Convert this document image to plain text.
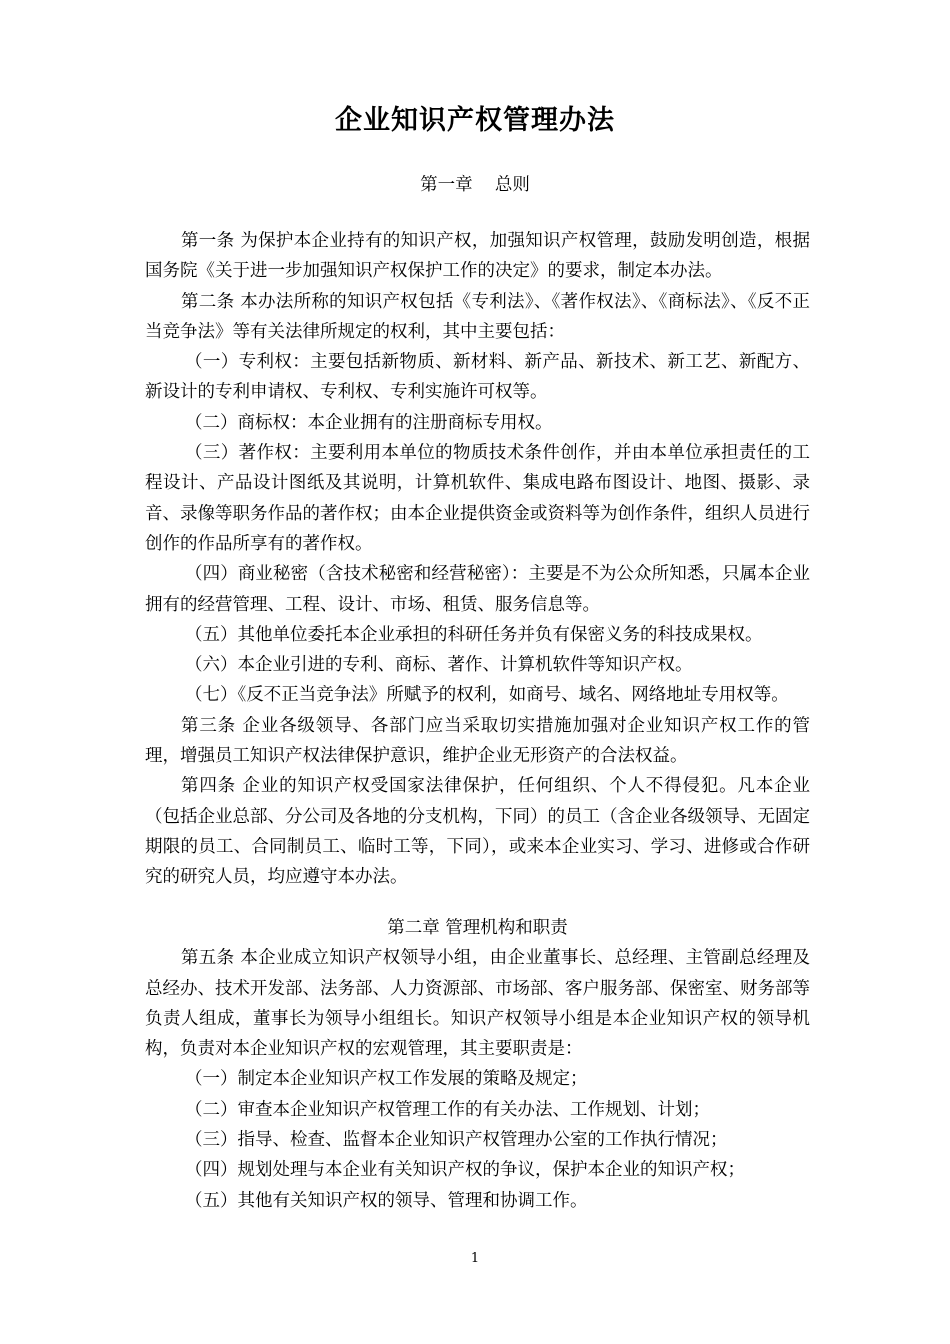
企业知识产权管理办法
第一章    总则

第一条 为保护本企业持有的知识产权，加强知识产权管理，鼓励发明创造，根据国务院《关于进一步加强知识产权保护工作的决定》的要求，制定本办法。

第二条 本办法所称的知识产权包括《专利法》、《著作权法》、《商标法》、《反不正当竞争法》等有关法律所规定的权利，其中主要包括：

（一）专利权：主要包括新物质、新材料、新产品、新技术、新工艺、新配方、新设计的专利申请权、专利权、专利实施许可权等。

（二）商标权：本企业拥有的注册商标专用权。

（三）著作权：主要利用本单位的物质技术条件创作，并由本单位承担责任的工程设计、产品设计图纸及其说明，计算机软件、集成电路布图设计、地图、摄影、录音、录像等职务作品的著作权；由本企业提供资金或资料等为创作条件，组织人员进行创作的作品所享有的著作权。

（四）商业秘密（含技术秘密和经营秘密）：主要是不为公众所知悉，只属本企业拥有的经营管理、工程、设计、市场、租赁、服务信息等。

（五）其他单位委托本企业承担的科研任务并负有保密义务的科技成果权。

（六）本企业引进的专利、商标、著作、计算机软件等知识产权。

（七）《反不正当竞争法》所赋予的权利，如商号、域名、网络地址专用权等。

第三条 企业各级领导、各部门应当采取切实措施加强对企业知识产权工作的管理，增强员工知识产权法律保护意识，维护企业无形资产的合法权益。

第四条 企业的知识产权受国家法律保护，任何组织、个人不得侵犯。凡本企业（包括企业总部、分公司及各地的分支机构，下同）的员工（含企业各级领导、无固定期限的员工、合同制员工、临时工等，下同），或来本企业实习、学习、进修或合作研究的研究人员，均应遵守本办法。

第二章 管理机构和职责

第五条 本企业成立知识产权领导小组，由企业董事长、总经理、主管副总经理及总经办、技术开发部、法务部、人力资源部、市场部、客户服务部、保密室、财务部等负责人组成，董事长为领导小组组长。知识产权领导小组是本企业知识产权的领导机构，负责对本企业知识产权的宏观管理，其主要职责是：

（一）制定本企业知识产权工作发展的策略及规定；

（二）审查本企业知识产权管理工作的有关办法、工作规划、计划；

（三）指导、检查、监督本企业知识产权管理办公室的工作执行情况；

（四）规划处理与本企业有关知识产权的争议，保护本企业的知识产权；

（五）其他有关知识产权的领导、管理和协调工作。

1
